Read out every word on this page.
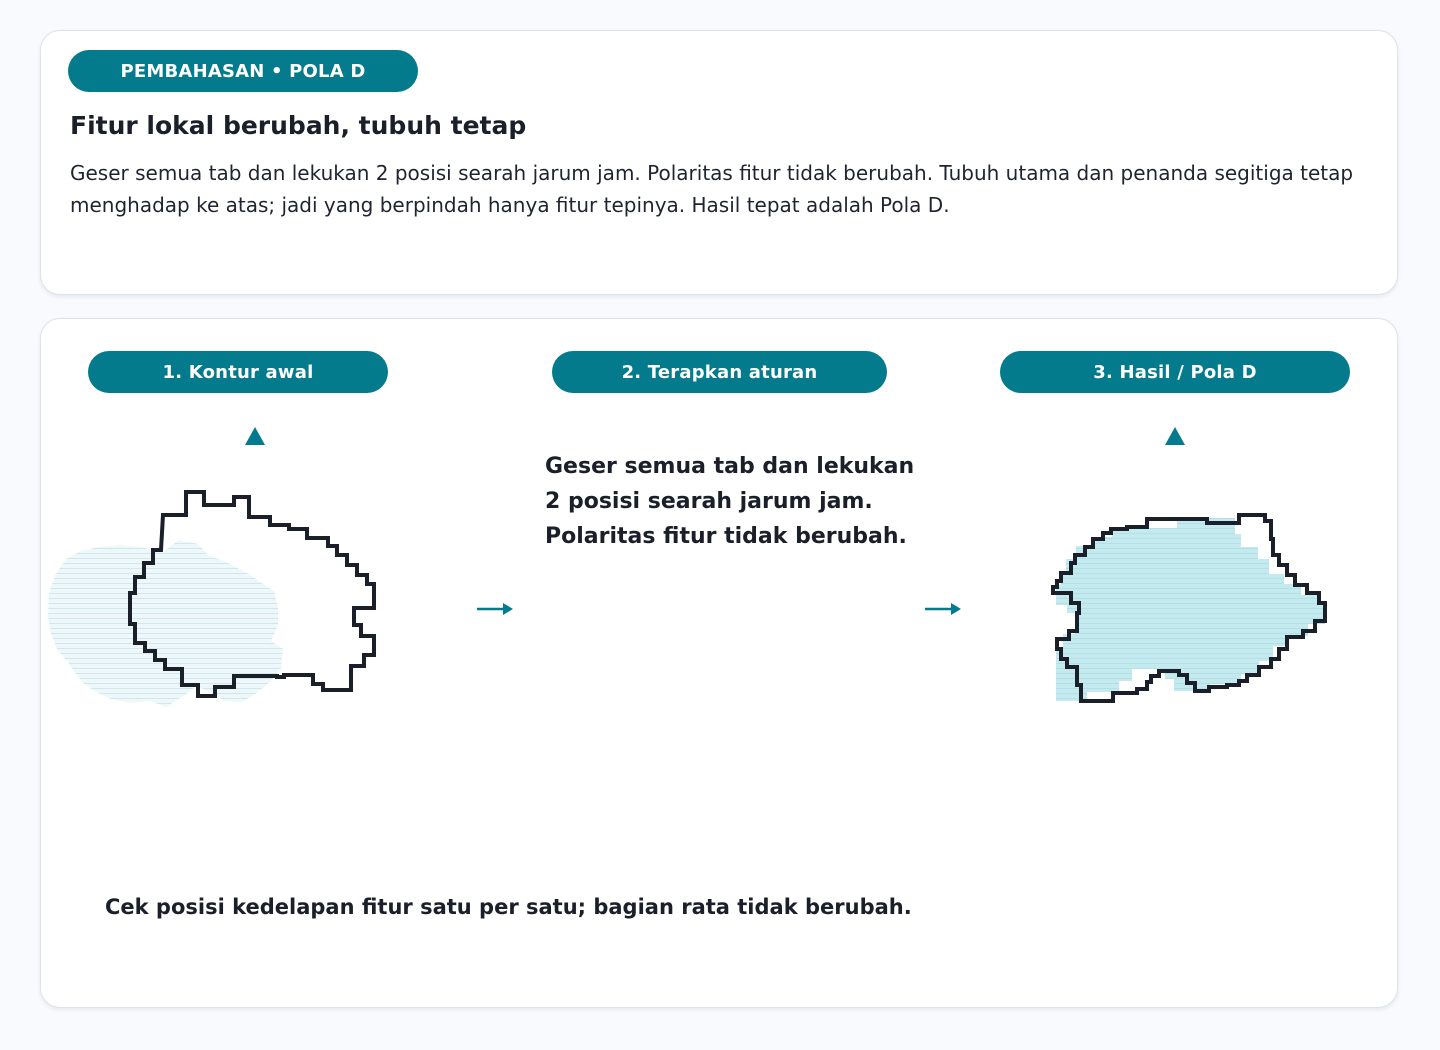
PEMBAHASAN • POLA D
Fitur lokal berubah, tubuh tetap
Geser semua tab dan lekukan 2 posisi searah jarum jam. Polaritas fitur tidak berubah. Tubuh utama dan penanda segitiga tetap menghadap ke atas; jadi yang berpindah hanya fitur tepinya. Hasil tepat adalah Pola D.
1. Kontur awal	2. Terapkan aturan	3. Hasil / Pola D
Geser semua tab dan lekukan 2 posisi searah jarum jam. Polaritas fitur tidak berubah.
Cek posisi kedelapan fitur satu per satu; bagian rata tidak berubah.
